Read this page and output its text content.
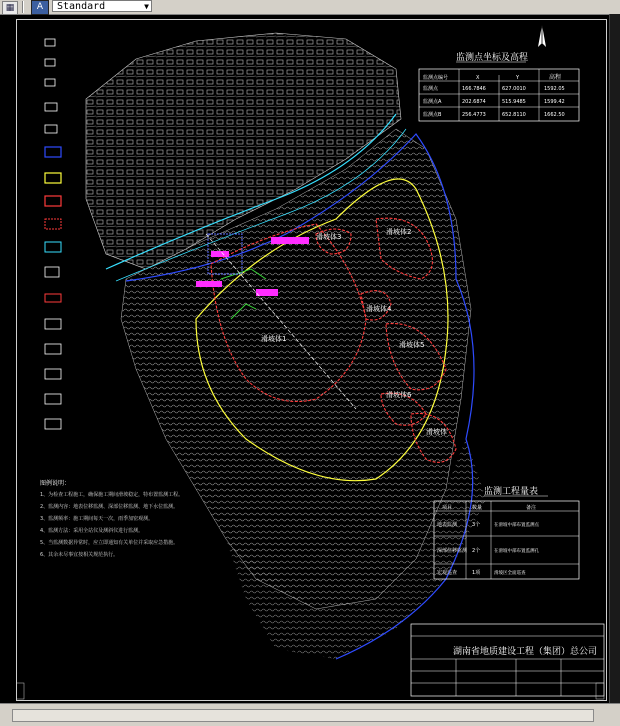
▦	A	Standard	▼
滑坡体1
滑坡体2
滑坡体3
滑坡体4
滑坡体5
滑坡体6
滑坡体
监测点坐标及高程
监测点编号	X	Y	高程
监测点	166.7846	627.0010	1592.05
监测点A	202.6874	515.9485	1599.42
监测点B	256.4773	652.8110	1662.50
监测工程量表
项目	数量	备注
地表监测	3个	在滑坡中部布置监测点
深部位移监测 2个	在滑坡中部布置监测孔
宏观巡查	1项	滑坡区全面巡查
图例说明：
1、为检查工程施工，确保施工期间滑坡稳定，特布置监测工程。
2、监测内容：地表位移监测、深部位移监测、地下水位监测。
3、监测频率：施工期间每天一次，雨季加密观测。
4、监测方法：采用全站仪及测斜仪进行监测。
5、当监测数据异常时，应立即通知有关单位并采取应急措施。
6、其余未尽事宜按相关规范执行。
湖南省地质建设工程（集团）总公司
